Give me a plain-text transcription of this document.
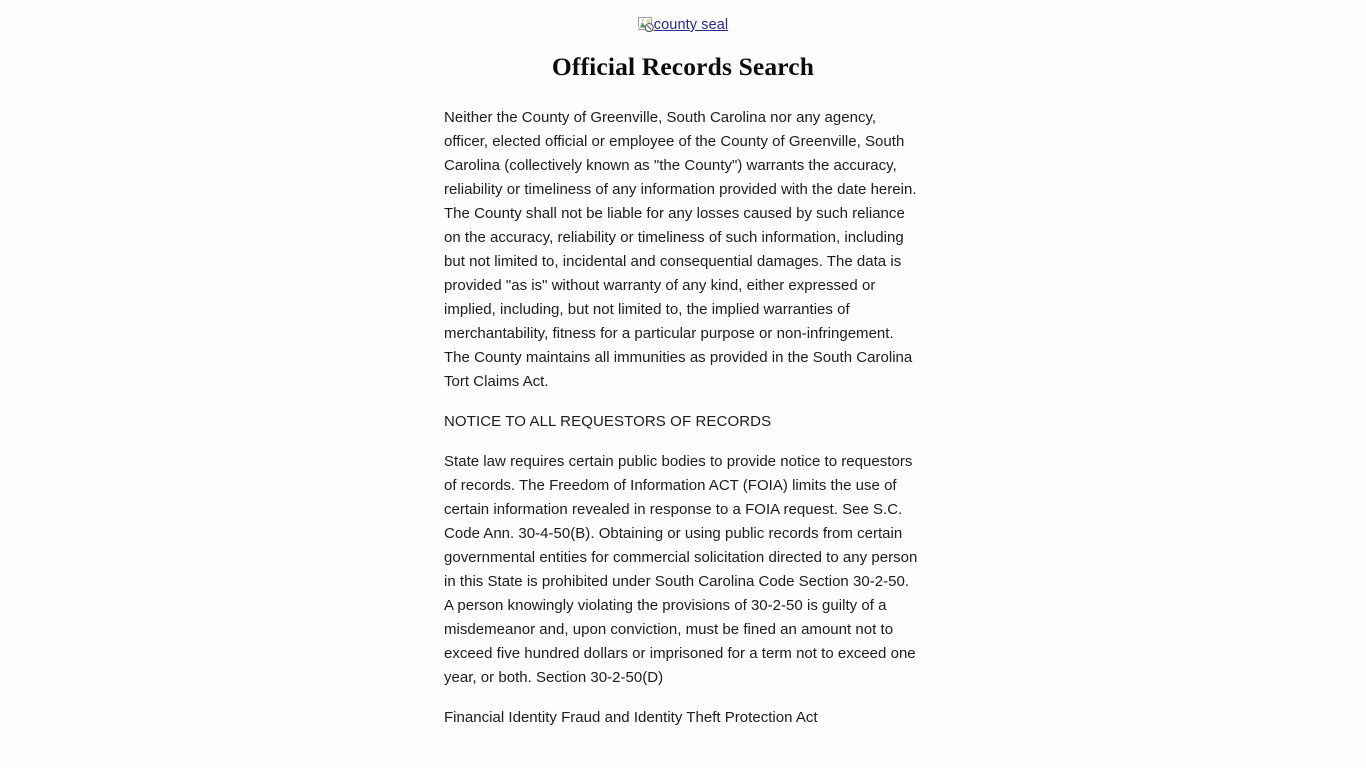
county seal
Official Records Search

Neither the County of Greenville, South Carolina nor any agency, officer, elected official or employee of the County of Greenville, South Carolina (collectively known as "the County") warrants the accuracy, reliability or timeliness of any information provided with the date herein. The County shall not be liable for any losses caused by such reliance on the accuracy, reliability or timeliness of such information, including but not limited to, incidental and consequential damages. The data is provided "as is" without warranty of any kind, either expressed or implied, including, but not limited to, the implied warranties of merchantability, fitness for a particular purpose or non-infringement. The County maintains all immunities as provided in the South Carolina Tort Claims Act.

NOTICE TO ALL REQUESTORS OF RECORDS

State law requires certain public bodies to provide notice to requestors of records. The Freedom of Information ACT (FOIA) limits the use of certain information revealed in response to a FOIA request. See S.C. Code Ann. 30-4-50(B). Obtaining or using public records from certain governmental entities for commercial solicitation directed to any person in this State is prohibited under South Carolina Code Section 30-2-50. A person knowingly violating the provisions of 30-2-50 is guilty of a misdemeanor and, upon conviction, must be fined an amount not to exceed five hundred dollars or imprisoned for a term not to exceed one year, or both. Section 30-2-50(D)

Financial Identity Fraud and Identity Theft Protection Act
